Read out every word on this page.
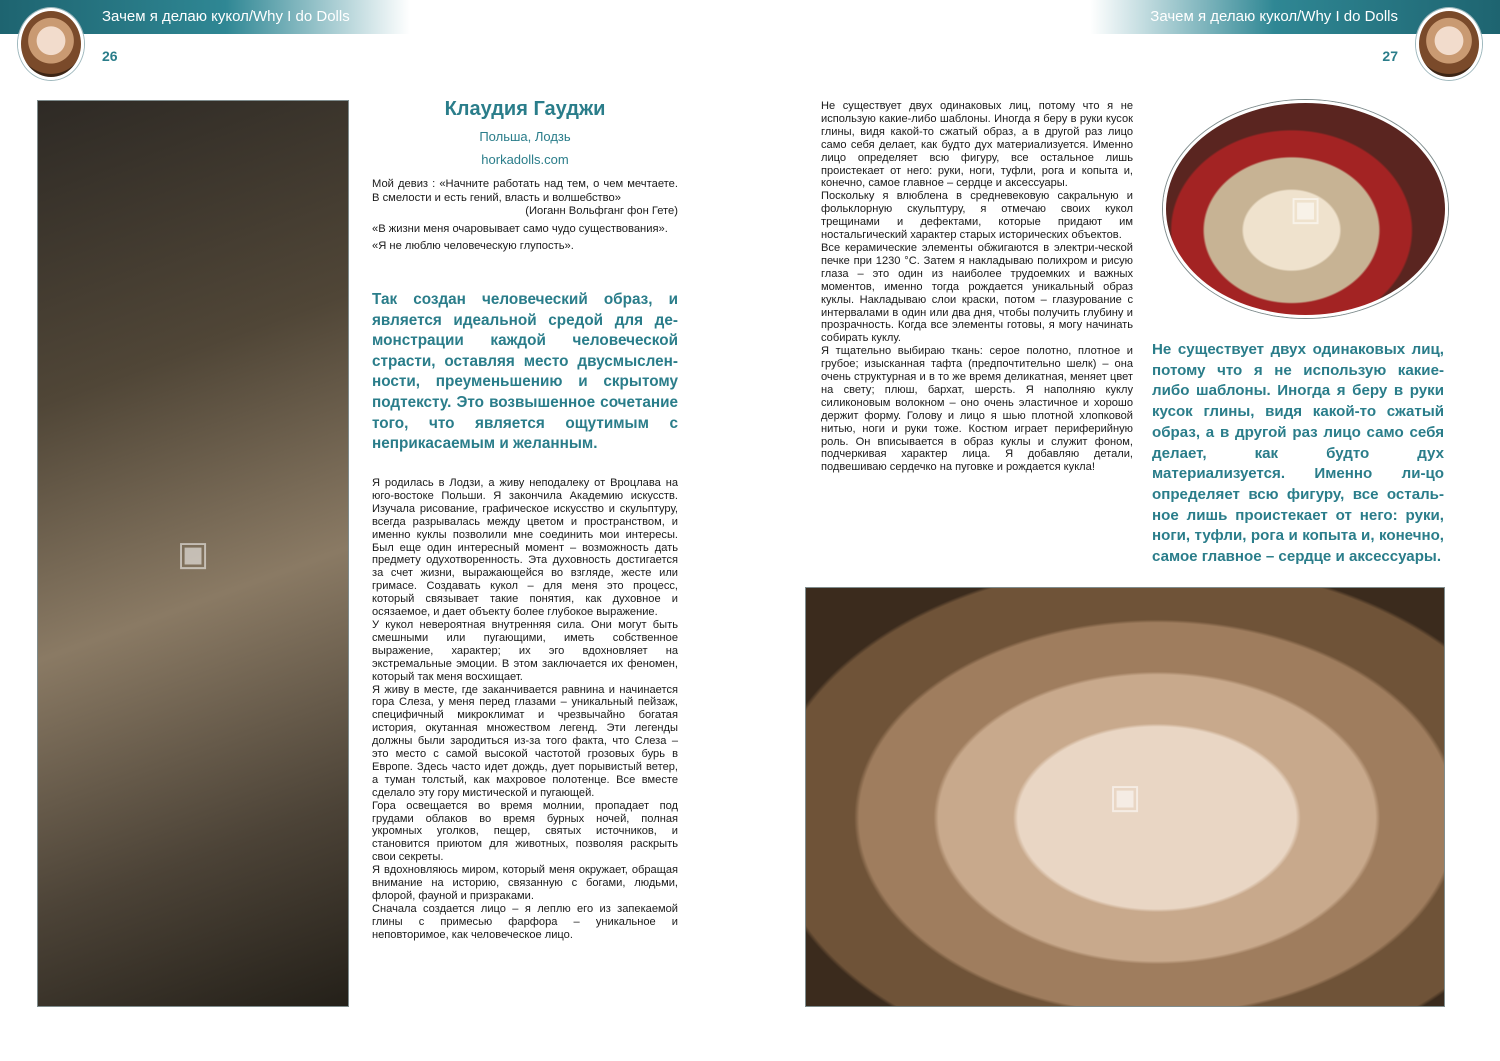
Зачем я делаю кукол/Why I do Dolls	Зачем я делаю кукол/Why I do Dolls
26	27
▣
▣
▣
Клаудия Гауджи
Польша, Лодзь
horkadolls.com

Мой девиз : «Начните работать над тем, о чем мечтаете. В смелости и есть гений, власть и волшебство»

(Иоганн Вольфганг фон Гете)

«В жизни меня очаровывает само чудо существования».

«Я не люблю человеческую глупость».

Так создан человеческий образ, и является идеальной средой для де-монстрации каждой человеческой страсти, оставляя место двусмыслен-ности, преуменьшению и скрытому подтексту. Это возвышенное сочетание того, что является ощутимым с неприкасаемым и желанным.
Не существует двух одинаковых лиц, потому что я не использую какие-либо шаблоны. Иногда я беру в руки кусок глины, видя какой-то сжатый образ, а в другой раз лицо само себя делает, как будто дух материализуется. Именно ли-цо определяет всю фигуру, все осталь-ное лишь проистекает от него: руки, ноги, туфли, рога и копыта и, конечно, самое главное – сердце и аксессуары.
Я родилась в Лодзи, а живу неподалеку от Вроцлава на юго-востоке Польши. Я закончила Академию искусств. Изучала рисование, графическое искусство и скульптуру, всегда разрывалась между цветом и пространством, и именно куклы позволили мне соединить мои интересы. Был еще один интересный момент – возможность дать предмету одухотворенность. Эта духовность достигается за счет жизни, выражающейся во взгляде, жесте или гримасе. Создавать кукол – для меня это процесс, который связывает такие понятия, как духовное и осязаемое, и дает объекту более глубокое выражение.
У кукол невероятная внутренняя сила. Они могут быть смешными или пугающими, иметь собственное выражение, характер; их эго вдохновляет на экстремальные эмоции. В этом заключается их феномен, который так меня восхищает.
Я живу в месте, где заканчивается равнина и начинается гора Слеза, у меня перед глазами – уникальный пейзаж, специфичный микроклимат и чрезвычайно богатая история, окутанная множеством легенд. Эти легенды должны были зародиться из-за того факта, что Слеза – это место с самой высокой частотой грозовых бурь в Европе. Здесь часто идет дождь, дует порывистый ветер, а туман толстый, как махровое полотенце. Все вместе сделало эту гору мистической и пугающей.
Гора освещается во время молнии, пропадает под грудами облаков во время бурных ночей, полная укромных уголков, пещер, святых источников, и становится приютом для животных, позволяя раскрыть свои секреты.
Я вдохновляюсь миром, который меня окружает, обращая внимание на историю, связанную с богами, людьми, флорой, фауной и призраками.
Сначала создается лицо – я леплю его из запекаемой глины с примесью фарфора – уникальное и неповторимое, как человеческое лицо.
Не существует двух одинаковых лиц, потому что я не использую какие-либо шаблоны. Иногда я беру в руки кусок глины, видя какой-то сжатый образ, а в другой раз лицо само себя делает, как будто дух материализуется. Именно лицо определяет всю фигуру, все остальное лишь проистекает от него: руки, ноги, туфли, рога и копыта и, конечно, самое главное – сердце и аксессуары.
Поскольку я влюблена в средневековую сакральную и фольклорную скульптуру, я отмечаю своих кукол трещинами и дефектами, которые придают им ностальгический характер старых исторических объектов.
Все керамические элементы обжигаются в электри-ческой печке при 1230 °C. Затем я накладываю полихром и рисую глаза – это один из наиболее трудоемких и важных моментов, именно тогда рождается уникальный образ куклы. Накладываю слои краски, потом – глазурование с интервалами в один или два дня, чтобы получить глубину и прозрачность. Когда все элементы готовы, я могу начинать собирать куклу.
Я тщательно выбираю ткань: серое полотно, плотное и грубое; изысканная тафта (предпочтительно шелк) – она очень структурная и в то же время деликатная, меняет цвет на свету; плюш, бархат, шерсть. Я наполняю куклу силиконовым волокном – оно очень эластичное и хорошо держит форму. Голову и лицо я шью плотной хлопковой нитью, ноги и руки тоже. Костюм играет периферийную роль. Он вписывается в образ куклы и служит фоном, подчеркивая характер лица. Я добавляю детали, подвешиваю сердечко на пуговке и рождается кукла!
